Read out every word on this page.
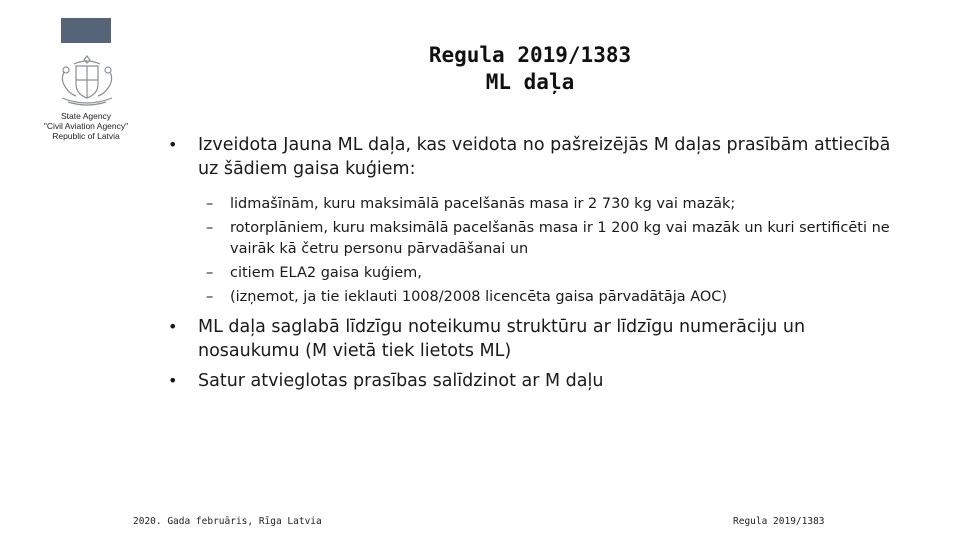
State Agency
"Civil Aviation Agency"
Republic of Latvia
Regula 2019/1383
ML daļa
• Izveidota Jauna ML daļa, kas veidota no pašreizējās M daļas prasībām attiecībā uz šādiem gaisa kuģiem:
– lidmašīnām, kuru maksimālā pacelšanās masa ir 2 730 kg vai mazāk;
– rotorplāniem, kuru maksimālā pacelšanās masa ir 1 200 kg vai mazāk un kuri sertificēti ne vairāk kā četru personu pārvadāšanai un
– citiem ELA2 gaisa kuģiem,
– (izņemot, ja tie ieklauti 1008/2008 licencēta gaisa pārvadātāja AOC)
• ML daļa saglabā līdzīgu noteikumu struktūru ar līdzīgu numerāciju un nosaukumu (M vietā tiek lietots ML)
• Satur atvieglotas prasības salīdzinot ar M daļu
2020. Gada februāris, Rīga Latvia	Regula 2019/1383
